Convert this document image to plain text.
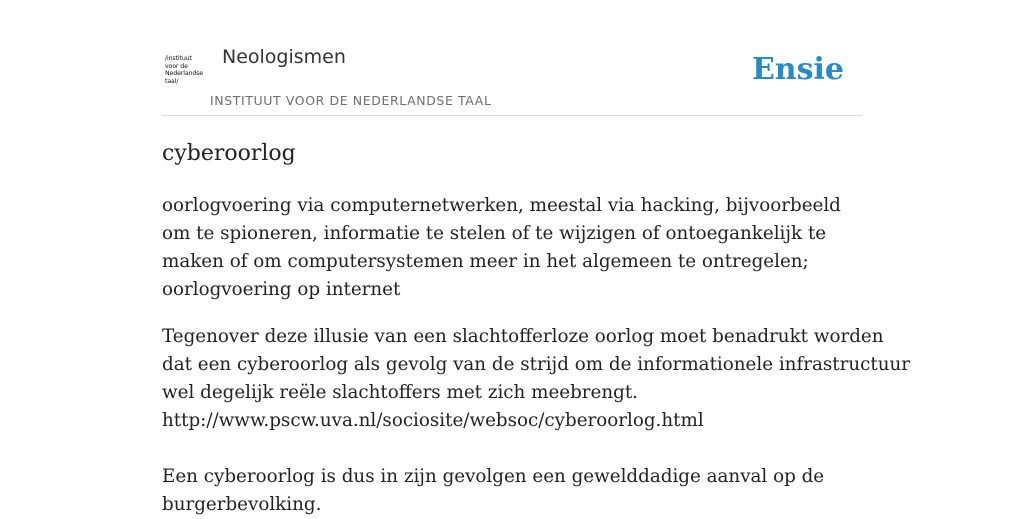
/instituut
voor de
Nederlandse
taal/
Neologismen
INSTITUUT VOOR DE NEDERLANDSE TAAL
Ensie
cyberoorlog

oorlogvoering via computernetwerken, meestal via hacking, bijvoorbeeld om te spioneren, informatie te stelen of te wijzigen of ontoegankelijk te maken of om computersystemen meer in het algemeen te ontregelen; oorlogvoering op internet

Tegenover deze illusie van een slachtofferloze oorlog moet benadrukt worden
dat een cyberoorlog als gevolg van de strijd om de informationele infrastructuur
wel degelijk reële slachtoffers met zich meebrengt.
http://www.pscw.uva.nl/sociosite/websoc/cyberoorlog.html
Een cyberoorlog is dus in zijn gevolgen een gewelddadige aanval op de
burgerbevolking.
